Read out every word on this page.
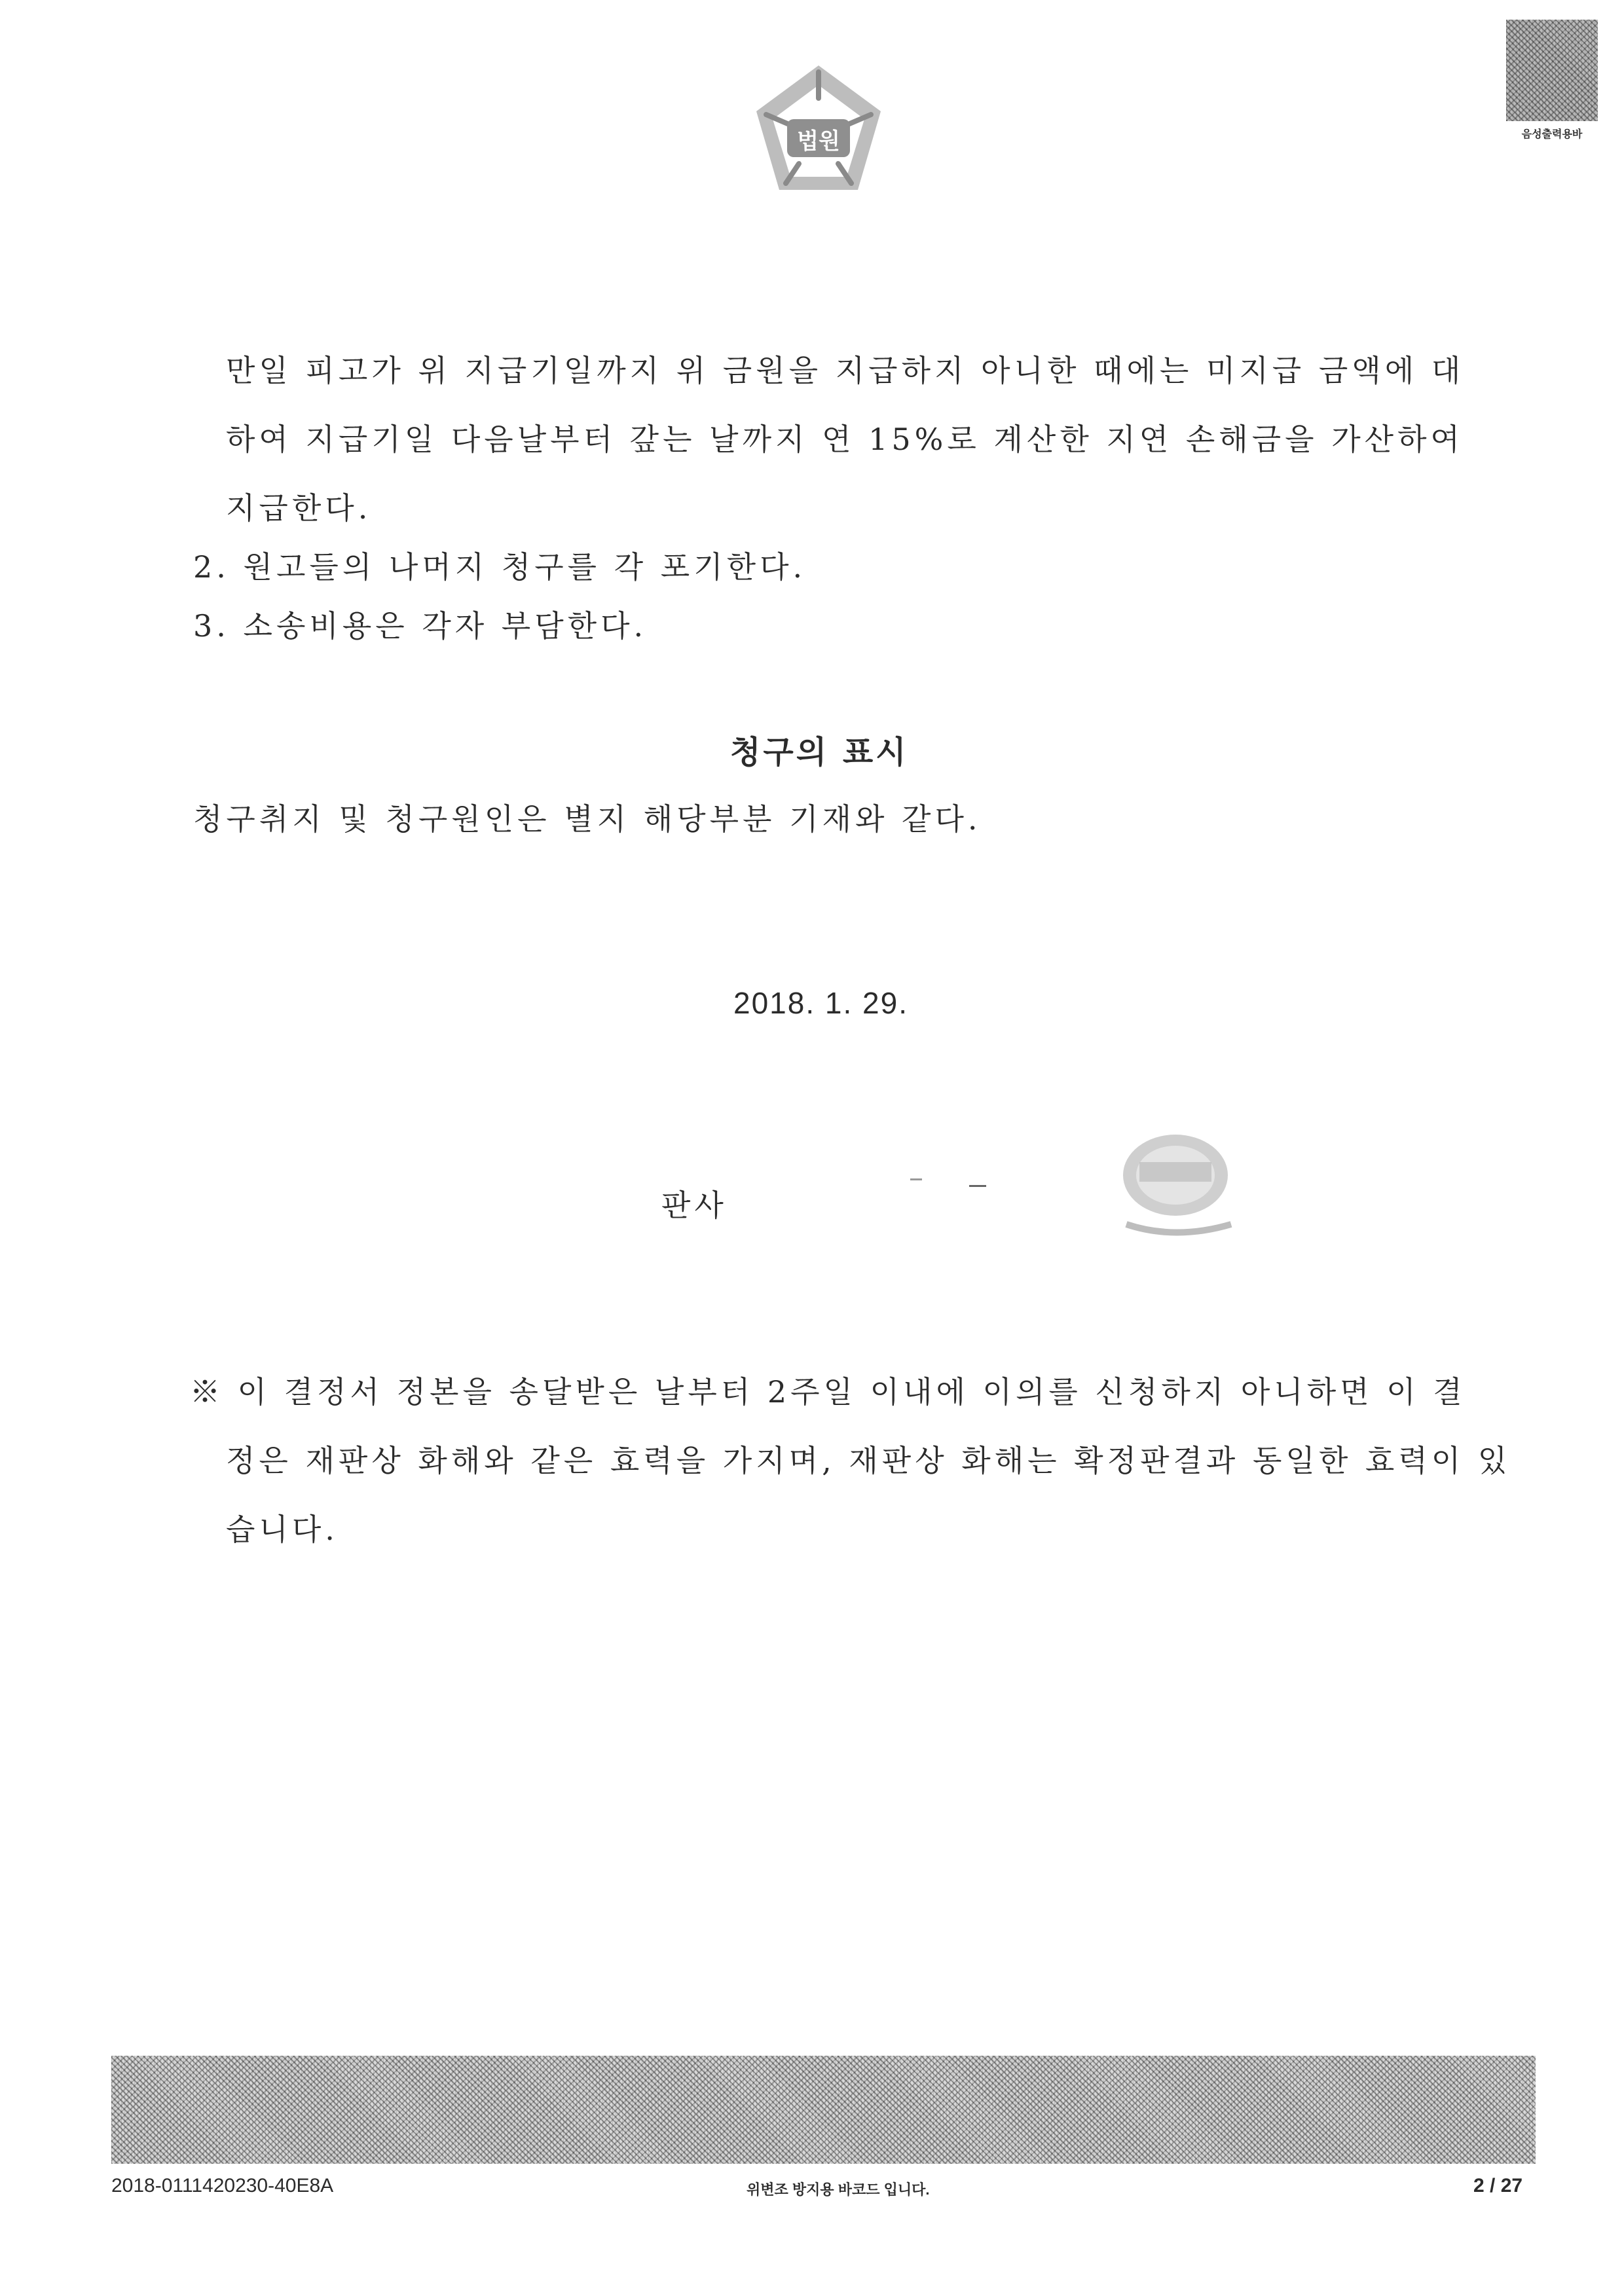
법원	음성출력용바
만일 피고가 위 지급기일까지 위 금원을 지급하지 아니한 때에는 미지급 금액에 대
하여 지급기일 다음날부터 갚는 날까지 연 15%로 계산한 지연 손해금을 가산하여
지급한다.
2. 원고들의 나머지 청구를 각 포기한다.
3. 소송비용은 각자 부담한다.
청구의 표시
청구취지 및 청구원인은 별지 해당부분 기재와 같다.
2018. 1. 29.
판사
※ 이 결정서 정본을 송달받은 날부터 2주일 이내에 이의를 신청하지 아니하면 이 결
정은 재판상 화해와 같은 효력을 가지며, 재판상 화해는 확정판결과 동일한 효력이 있
습니다.
2018-0111420230-40E8A	위변조 방지용 바코드 입니다.	2 / 27
